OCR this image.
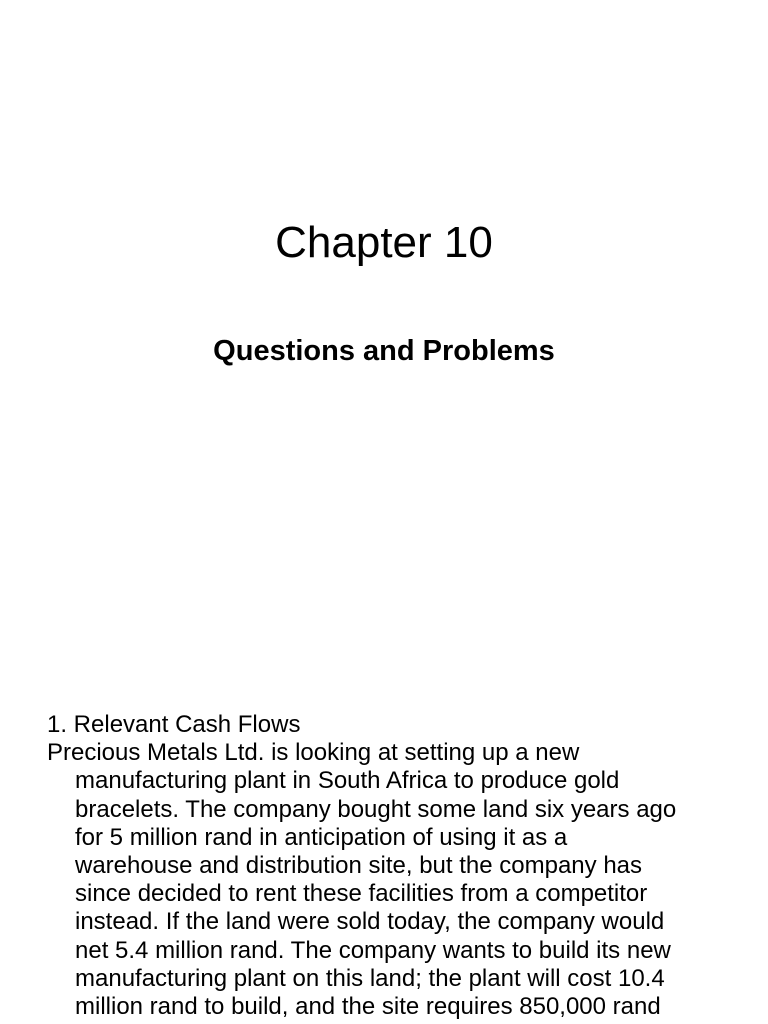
Chapter 10
Questions and Problems
1. Relevant Cash Flows
Precious Metals Ltd. is looking at setting up a new
manufacturing plant in South Africa to produce gold
bracelets. The company bought some land six years ago
for 5 million rand in anticipation of using it as a
warehouse and distribution site, but the company has
since decided to rent these facilities from a competitor
instead. If the land were sold today, the company would
net 5.4 million rand. The company wants to build its new
manufacturing plant on this land; the plant will cost 10.4
million rand to build, and the site requires 850,000 rand
